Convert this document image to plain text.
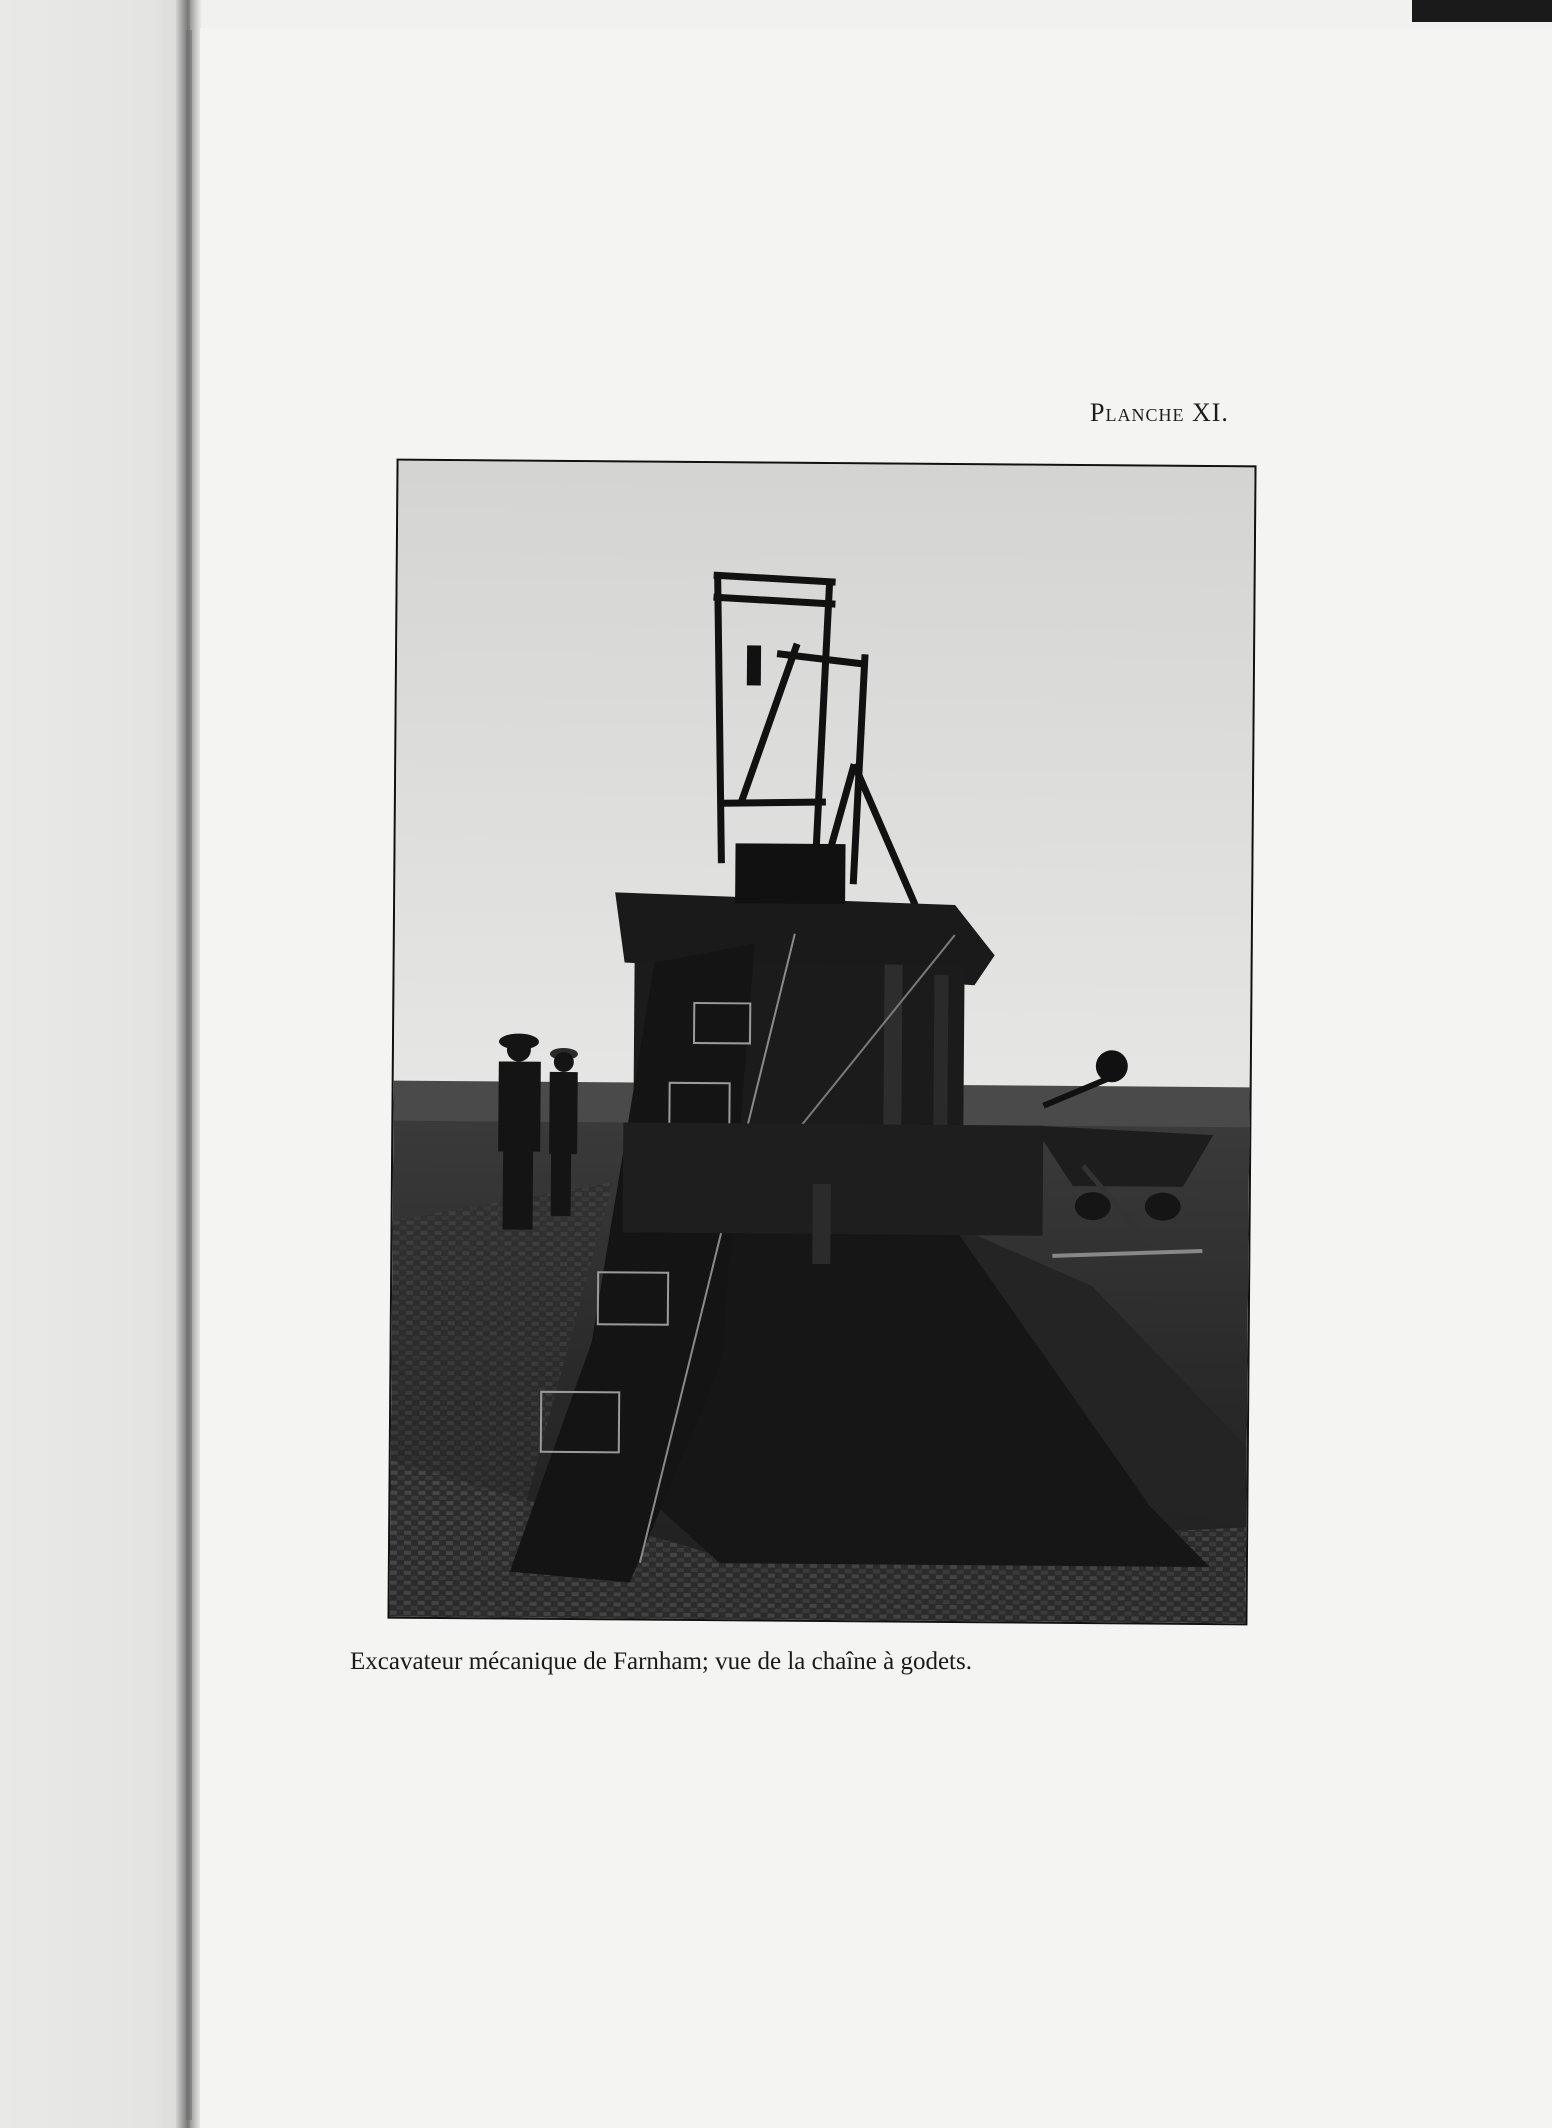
Planche XI.
Excavateur mécanique de Farnham; vue de la chaîne à godets.
